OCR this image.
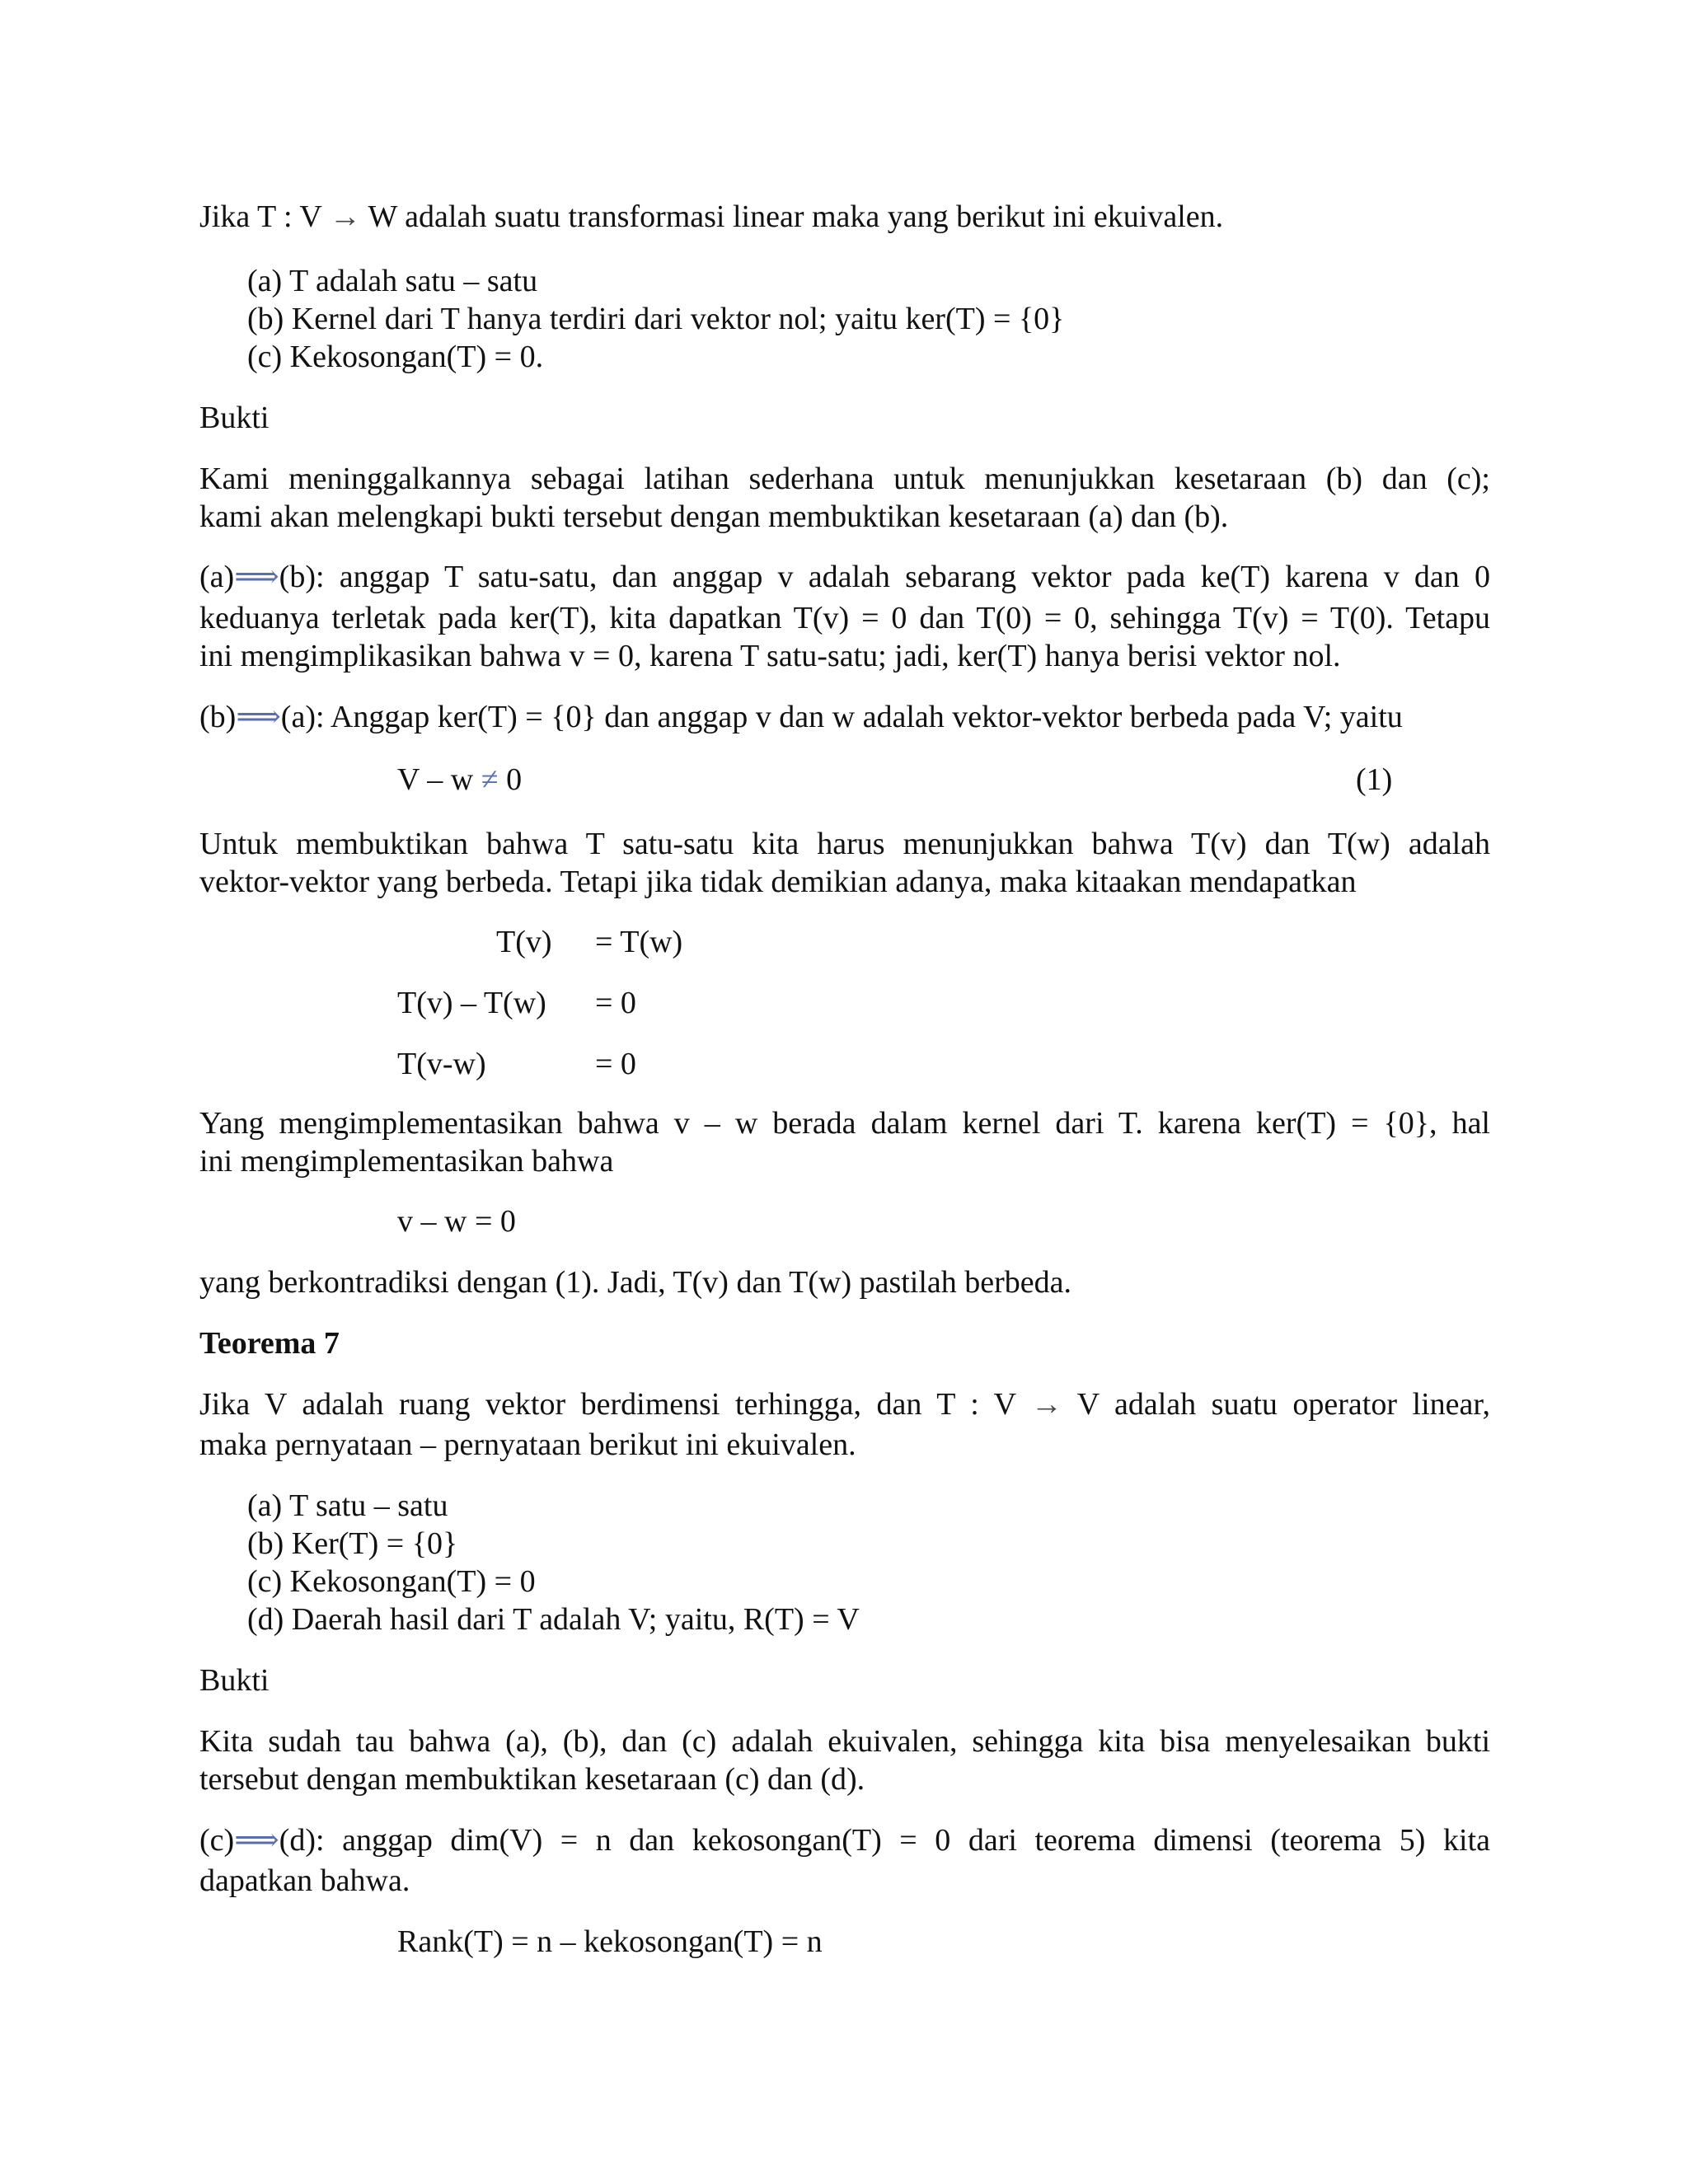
Jika T : V → W adalah suatu transformasi linear maka yang berikut ini ekuivalen.
(a) T adalah satu – satu
(b) Kernel dari T hanya terdiri dari vektor nol; yaitu ker(T) = {0}
(c) Kekosongan(T) = 0.
Bukti
Kami meninggalkannya sebagai latihan sederhana untuk menunjukkan kesetaraan (b) dan (c);
kami akan melengkapi bukti tersebut dengan membuktikan kesetaraan (a) dan (b).
(a)⟹(b): anggap T satu-satu, dan anggap v adalah sebarang vektor pada ke(T) karena v dan 0
keduanya terletak pada ker(T), kita dapatkan T(v) = 0 dan T(0) = 0, sehingga T(v) = T(0). Tetapu
ini mengimplikasikan bahwa v = 0, karena T satu-satu; jadi, ker(T) hanya berisi vektor nol.
(b)⟹(a): Anggap ker(T) = {0} dan anggap v dan w adalah vektor-vektor berbeda pada V; yaitu
V – w ≠ 0	(1)
Untuk membuktikan bahwa T satu-satu kita harus menunjukkan bahwa T(v) dan T(w) adalah
vektor-vektor yang berbeda. Tetapi jika tidak demikian adanya, maka kitaakan mendapatkan
T(v) = T(w)
T(v) – T(w) = 0
T(v-w)	= 0
Yang mengimplementasikan bahwa v – w berada dalam kernel dari T. karena ker(T) = {0}, hal
ini mengimplementasikan bahwa
v – w = 0
yang berkontradiksi dengan (1). Jadi, T(v) dan T(w) pastilah berbeda.
Teorema 7
Jika V adalah ruang vektor berdimensi terhingga, dan T : V → V adalah suatu operator linear,
maka pernyataan – pernyataan berikut ini ekuivalen.
(a) T satu – satu
(b) Ker(T) = {0}
(c) Kekosongan(T) = 0
(d) Daerah hasil dari T adalah V; yaitu, R(T) = V
Bukti
Kita sudah tau bahwa (a), (b), dan (c) adalah ekuivalen, sehingga kita bisa menyelesaikan bukti
tersebut dengan membuktikan kesetaraan (c) dan (d).
(c)⟹(d): anggap dim(V) = n dan kekosongan(T) = 0 dari teorema dimensi (teorema 5) kita
dapatkan bahwa.
Rank(T) = n – kekosongan(T) = n
